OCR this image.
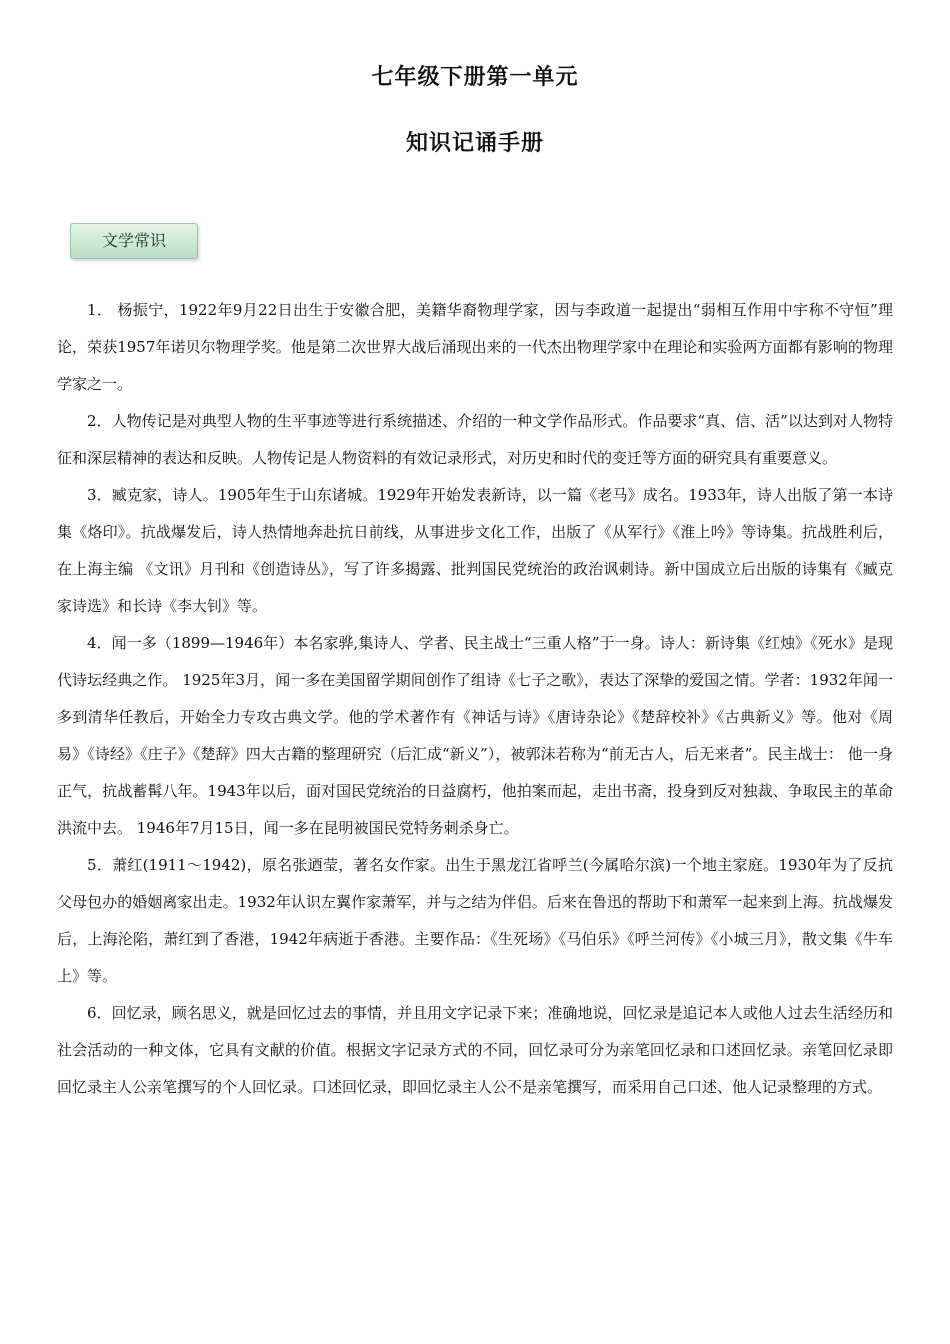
七年级下册第一单元
知识记诵手册
文学常识

1． 杨振宁，1922年9月22日出生于安徽合肥，美籍华裔物理学家，因与李政道一起提出“弱相互作用中宇称不守恒”理论，荣获1957年诺贝尔物理学奖。他是第二次世界大战后涌现出来的一代杰出物理学家中在理论和实验两方面都有影响的物理学家之一。

2．人物传记是对典型人物的生平事迹等进行系统描述、介绍的一种文学作品形式。作品要求“真、信、活”以达到对人物特征和深层精神的表达和反映。人物传记是人物资料的有效记录形式，对历史和时代的变迁等方面的研究具有重要意义。

3．臧克家，诗人。1905年生于山东诸城。1929年开始发表新诗，以一篇《老马》成名。1933年，诗人出版了第一本诗集《烙印》。抗战爆发后，诗人热情地奔赴抗日前线，从事进步文化工作，出版了《从军行》《淮上吟》等诗集。抗战胜利后，在上海主编 《文讯》月刊和《创造诗丛》，写了许多揭露、批判国民党统治的政治讽刺诗。新中国成立后出版的诗集有《臧克家诗选》和长诗《李大钊》等。

4．闻一多（1899—1946年）本名家骅,集诗人、学者、民主战士“三重人格”于一身。诗人：新诗集《红烛》《死水》是现代诗坛经典之作。 1925年3月，闻一多在美国留学期间创作了组诗《七子之歌》，表达了深挚的爱国之情。学者：1932年闻一多到清华任教后，开始全力专攻古典文学。他的学术著作有《神话与诗》《唐诗杂论》《楚辞校补》《古典新义》等。他对《周易》《诗经》《庄子》《楚辞》四大古籍的整理研究（后汇成“新义”），被郭沫若称为“前无古人，后无来者”。民主战士： 他一身正气，抗战蓄髯八年。1943年以后，面对国民党统治的日益腐朽，他拍案而起，走出书斋，投身到反对独裁、争取民主的革命洪流中去。 1946年7月15日，闻一多在昆明被国民党特务刺杀身亡。

5．萧红(1911～1942)，原名张迺莹，著名女作家。出生于黑龙江省呼兰(今属哈尔滨)一个地主家庭。1930年为了反抗父母包办的婚姻离家出走。1932年认识左翼作家萧军，并与之结为伴侣。后来在鲁迅的帮助下和萧军一起来到上海。抗战爆发后，上海沦陷，萧红到了香港，1942年病逝于香港。主要作品：《生死场》《马伯乐》《呼兰河传》《小城三月》，散文集《牛车上》等。

6．回忆录，顾名思义，就是回忆过去的事情，并且用文字记录下来；准确地说，回忆录是追记本人或他人过去生活经历和社会活动的一种文体，它具有文献的价值。根据文字记录方式的不同，回忆录可分为亲笔回忆录和口述回忆录。亲笔回忆录即回忆录主人公亲笔撰写的个人回忆录。口述回忆录，即回忆录主人公不是亲笔撰写，而采用自己口述、他人记录整理的方式。
